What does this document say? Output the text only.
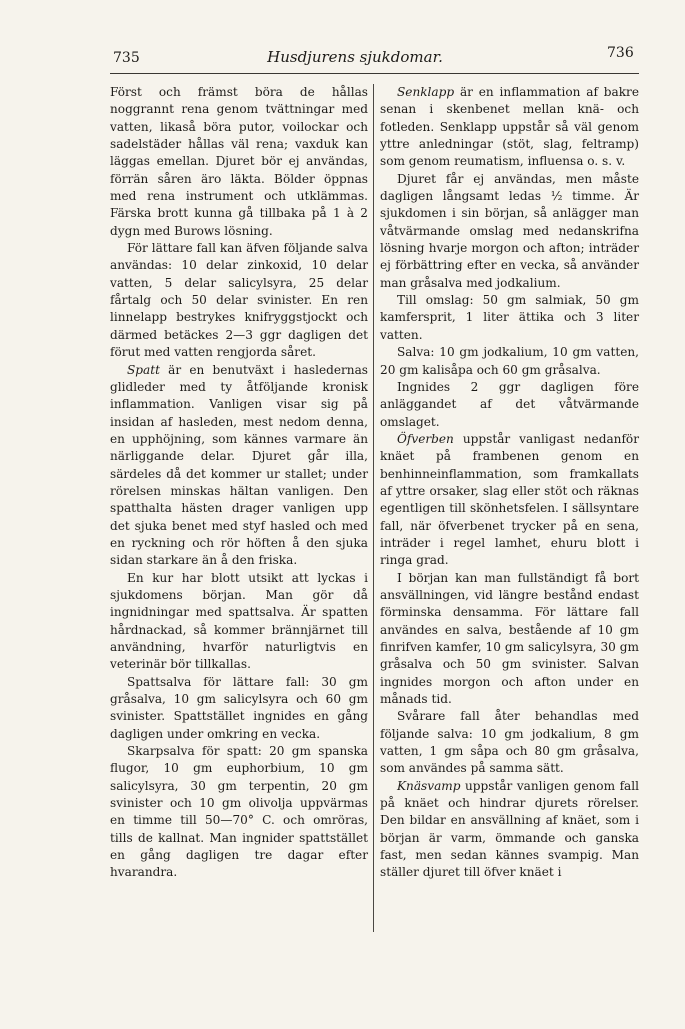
735	Husdjurens sjukdomar.	736

Först och främst böra de hållas noggrannt rena genom tvättningar med vatten, likaså böra putor, voilockar och sadelstäder hållas väl rena; vaxduk kan läggas emellan. Djuret bör ej användas, förrän såren äro läkta. Bölder öppnas med rena instrument och utklämmas. Färska brott kunna gå tillbaka på 1 à 2 dygn med Burows lösning.

För lättare fall kan äfven följande salva användas: 10 delar zinkoxid, 10 delar vatten, 5 delar salicylsyra, 25 delar fårtalg och 50 delar svinister. En ren linnelapp bestrykes knifryggstjockt och därmed betäckes 2—3 ggr dagligen det förut med vatten rengjorda såret.

Spatt är en benutväxt i hasledernas glidleder med ty åtföljande kronisk inflammation. Vanligen visar sig på insidan af hasleden, mest nedom denna, en upphöjning, som kännes varmare än närliggande delar. Djuret går illa, särdeles då det kommer ur stallet; under rörelsen minskas hältan vanligen. Den spatthalta hästen drager vanligen upp det sjuka benet med styf hasled och med en ryckning och rör höften å den sjuka sidan starkare än å den friska.

En kur har blott utsikt att lyckas i sjukdomens början. Man gör då ingnidningar med spattsalva. Är spatten hårdnackad, så kommer brännjärnet till användning, hvarför naturligtvis en veterinär bör tillkallas.

Spattsalva för lättare fall: 30 gm gråsalva, 10 gm salicylsyra och 60 gm svinister. Spattstället ingnides en gång dagligen under omkring en vecka.

Skarpsalva för spatt: 20 gm spanska flugor, 10 gm euphorbium, 10 gm salicylsyra, 30 gm terpentin, 20 gm svinister och 10 gm olivolja uppvärmas en timme till 50—70° C. och omröras, tills de kallnat. Man ingnider spattstället en gång dagligen tre dagar efter hvarandra.

Senklapp är en inflammation af bakre senan i skenbenet mellan knä- och fotleden. Senklapp uppstår så väl genom yttre anledningar (stöt, slag, feltramp) som genom reumatism, influensa o. s. v.

Djuret får ej användas, men måste dagligen långsamt ledas ½ timme. Är sjukdomen i sin början, så anlägger man våtvärmande omslag med nedanskrifna lösning hvarje morgon och afton; inträder ej förbättring efter en vecka, så använder man gråsalva med jodkalium.

Till omslag: 50 gm salmiak, 50 gm kamfersprit, 1 liter ättika och 3 liter vatten.

Salva: 10 gm jodkalium, 10 gm vatten, 20 gm kalisåpa och 60 gm gråsalva.

Ingnides 2 ggr dagligen före anläggandet af det våtvärmande omslaget.

Öfverben uppstår vanligast nedanför knäet på frambenen genom en benhinneinflammation, som framkallats af yttre orsaker, slag eller stöt och räknas egentligen till skönhetsfelen. I sällsyntare fall, när öfverbenet trycker på en sena, inträder i regel lamhet, ehuru blott i ringa grad.

I början kan man fullständigt få bort ansvällningen, vid längre bestånd endast förminska densamma. För lättare fall användes en salva, bestående af 10 gm finrifven kamfer, 10 gm salicylsyra, 30 gm gråsalva och 50 gm svinister. Salvan ingnides morgon och afton under en månads tid.

Svårare fall åter behandlas med följande salva: 10 gm jodkalium, 8 gm vatten, 1 gm såpa och 80 gm gråsalva, som användes på samma sätt.

Knäsvamp uppstår vanligen genom fall på knäet och hindrar djurets rörelser. Den bildar en ansvällning af knäet, som i början är varm, ömmande och ganska fast, men sedan kännes svampig. Man ställer djuret till öfver knäet i
